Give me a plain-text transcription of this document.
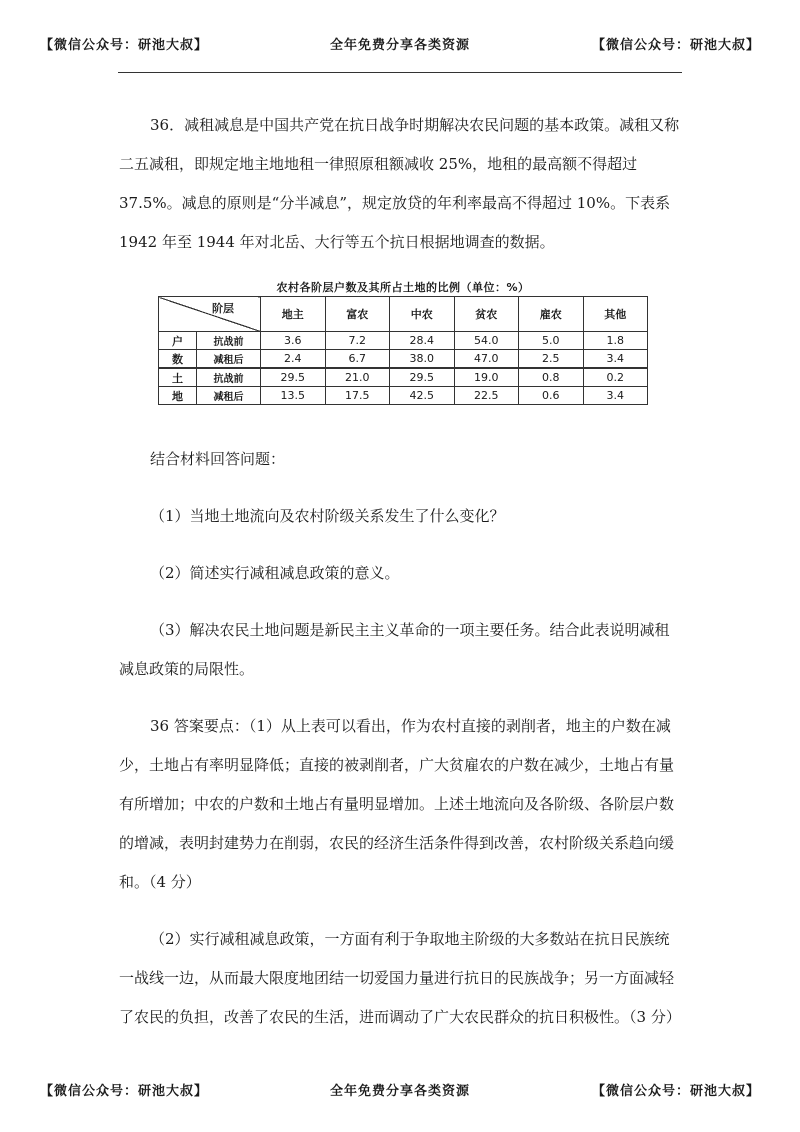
【微信公众号：研池大叔】	全年免费分享各类资源	【微信公众号：研池大叔】

36．减租减息是中国共产党在抗日战争时期解决农民问题的基本政策。减租又称

二五减租，即规定地主地地租一律照原租额减收 25%，地租的最高额不得超过

37.5%。减息的原则是“分半减息”，规定放贷的年利率最高不得超过 10%。下表系

1942 年至 1944 年对北岳、大行等五个抗日根据地调查的数据。

农村各阶层户数及其所占土地的比例（单位：%）
阶层		地主	富农	中农	贫农	雇农	其他
户	抗战前	3.6	7.2	28.4	54.0	5.0	1.8
数	减租后	2.4	6.7	38.0	47.0	2.5	3.4
土	抗战前	29.5	21.0	29.5	19.0	0.8	0.2
地	减租后	13.5	17.5	42.5	22.5	0.6	3.4

结合材料回答问题：

（1）当地土地流向及农村阶级关系发生了什么变化？

（2）简述实行减租减息政策的意义。

（3）解决农民土地问题是新民主主义革命的一项主要任务。结合此表说明减租

减息政策的局限性。

36 答案要点：（1）从上表可以看出，作为农村直接的剥削者，地主的户数在减

少，土地占有率明显降低；直接的被剥削者，广大贫雇农的户数在减少，土地占有量

有所增加；中农的户数和土地占有量明显增加。上述土地流向及各阶级、各阶层户数

的增减，表明封建势力在削弱，农民的经济生活条件得到改善，农村阶级关系趋向缓

和。（4 分）

（2）实行减租减息政策，一方面有利于争取地主阶级的大多数站在抗日民族统

一战线一边，从而最大限度地团结一切爱国力量进行抗日的民族战争；另一方面减轻

了农民的负担，改善了农民的生活，进而调动了广大农民群众的抗日积极性。（3 分）

【微信公众号：研池大叔】	全年免费分享各类资源	【微信公众号：研池大叔】
